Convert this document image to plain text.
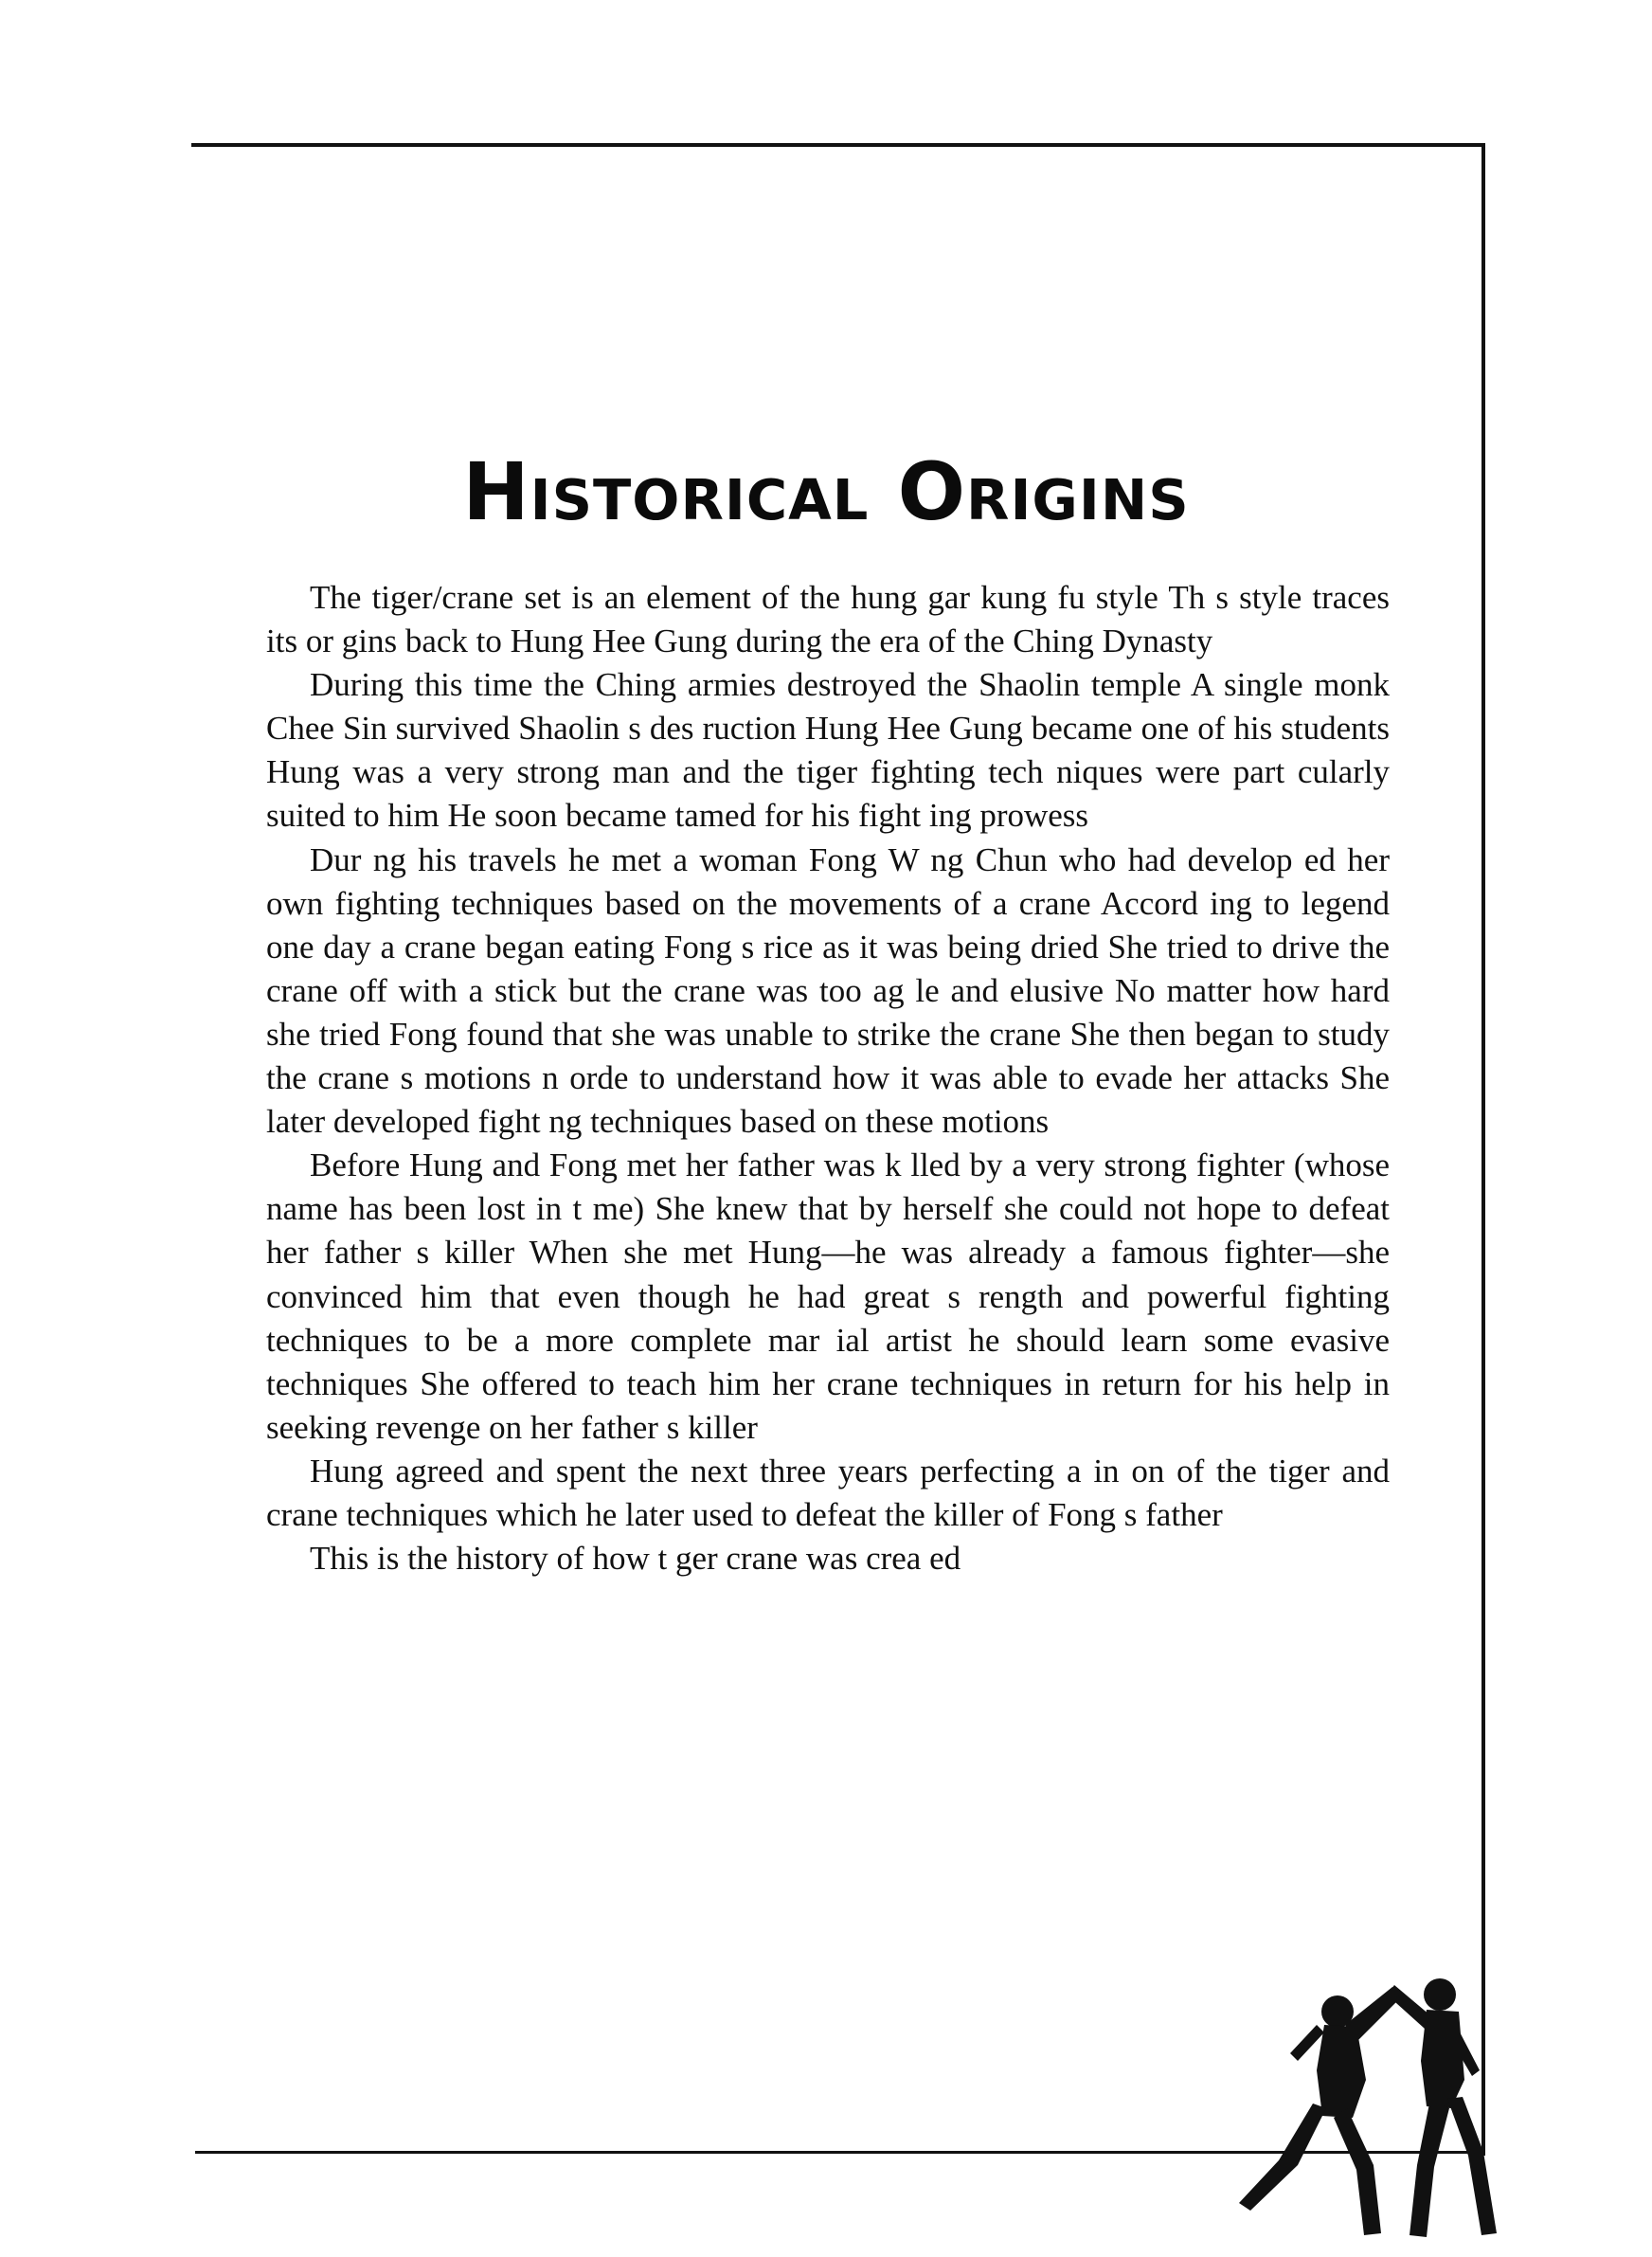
Historical Origins

The tiger/crane set is an element of the hung gar kung fu style Th s style traces its or gins back to Hung Hee Gung during the era of the Ching Dynasty

During this time the Ching armies destroyed the Shaolin temple A single monk Chee Sin survived Shaolin s des ruction Hung Hee Gung became one of his students Hung was a very strong man and the tiger fighting tech niques were part cularly suited to him He soon became tamed for his fight ing prowess

Dur ng his travels he met a woman Fong W ng Chun who had develop ed her own fighting techniques based on the movements of a crane Accord ing to legend one day a crane began eating Fong s rice as it was being dried She tried to drive the crane off with a stick but the crane was too ag le and elusive No matter how hard she tried Fong found that she was unable to strike the crane She then began to study the crane s motions n orde to understand how it was able to evade her attacks She later developed fight ng techniques based on these motions

Before Hung and Fong met her father was k lled by a very strong fighter (whose name has been lost in t me) She knew that by herself she could not hope to defeat her father s killer When she met Hung—he was already a famous fighter—she convinced him that even though he had great s rength and powerful fighting techniques to be a more complete mar ial artist he should learn some evasive techniques She offered to teach him her crane techniques in return for his help in seeking revenge on her father s killer

Hung agreed and spent the next three years perfecting a in on of the tiger and crane techniques which he later used to defeat the killer of Fong s father

This is the history of how t ger crane was crea ed
